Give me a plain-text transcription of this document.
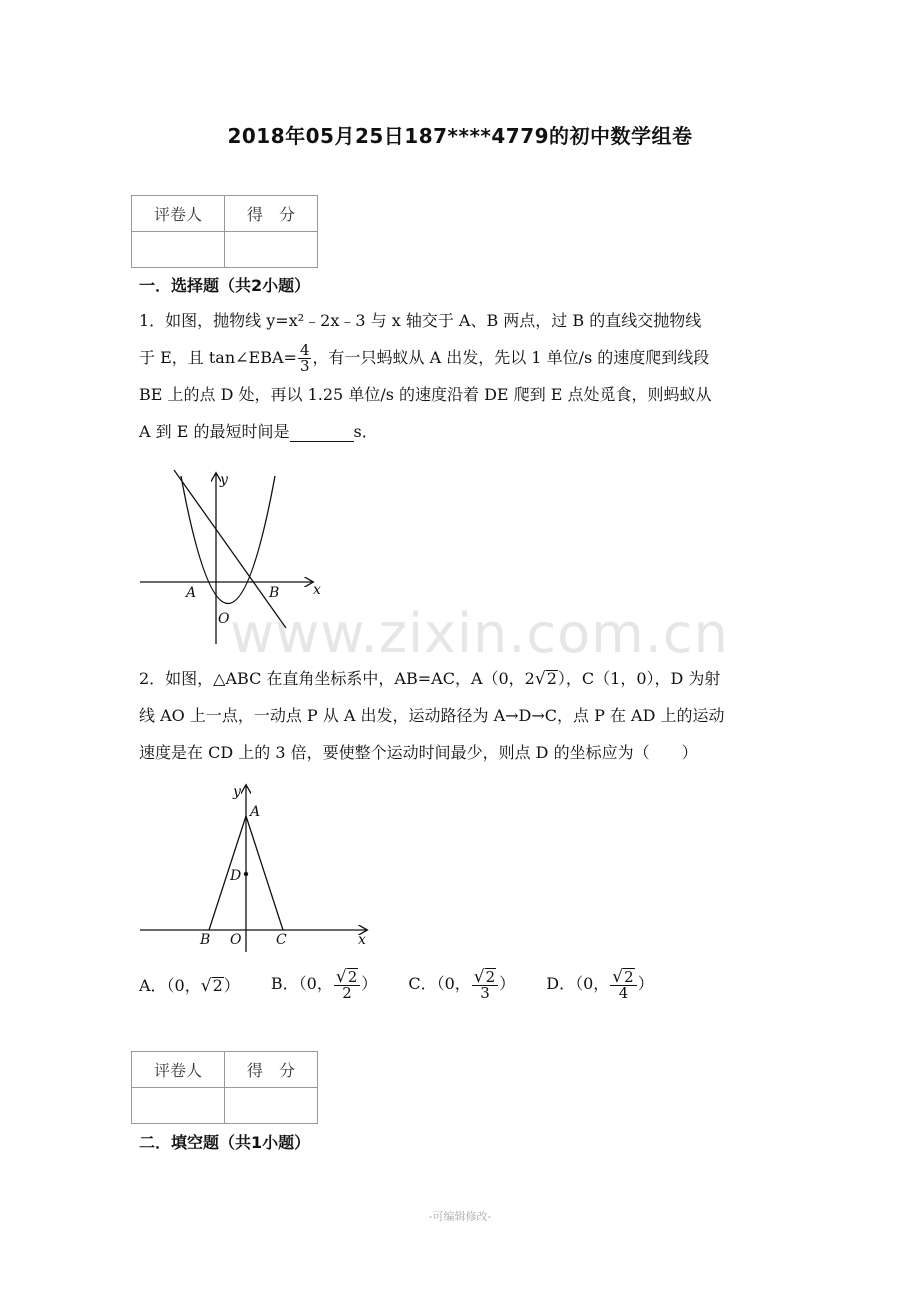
2018年05月25日187****4779的初中数学组卷
评卷人	得　分

一．选择题（共2小题）
1．如图，抛物线 y=x²﹣2x﹣3 与 x 轴交于 A、B 两点，过 B 的直线交抛物线
于 E，且 tan∠EBA= $\frac{4}{3}$ ，有一只蚂蚁从 A 出发，先以 1 单位/s 的速度爬到线段
BE 上的点 D 处，再以 1.25 单位/s 的速度沿着 DE 爬到 E 点处觅食，则蚂蚁从
A 到 E 的最短时间是	s．
y
x
A	B
O www.zixin.com.cn
2．如图，△ABC 在直角坐标系中，AB=AC，A（0，2√2），C（1，0），D 为射
线 AO 上一点，一动点 P 从 A 出发，运动路径为 A→D→C，点 P 在 AD 上的运动
速度是在 CD 上的 3 倍，要使整个运动时间最少，则点 D 的坐标应为（　　）
y
A
D
B O C	x
A．（0，√2） B．（0， $\frac{√2}{2}$ ） C．（0， $\frac{√2}{3}$ ） D．（0， $\frac{√2}{4}$ ）
评卷人	得　分

二．填空题（共1小题）
-可编辑修改-
